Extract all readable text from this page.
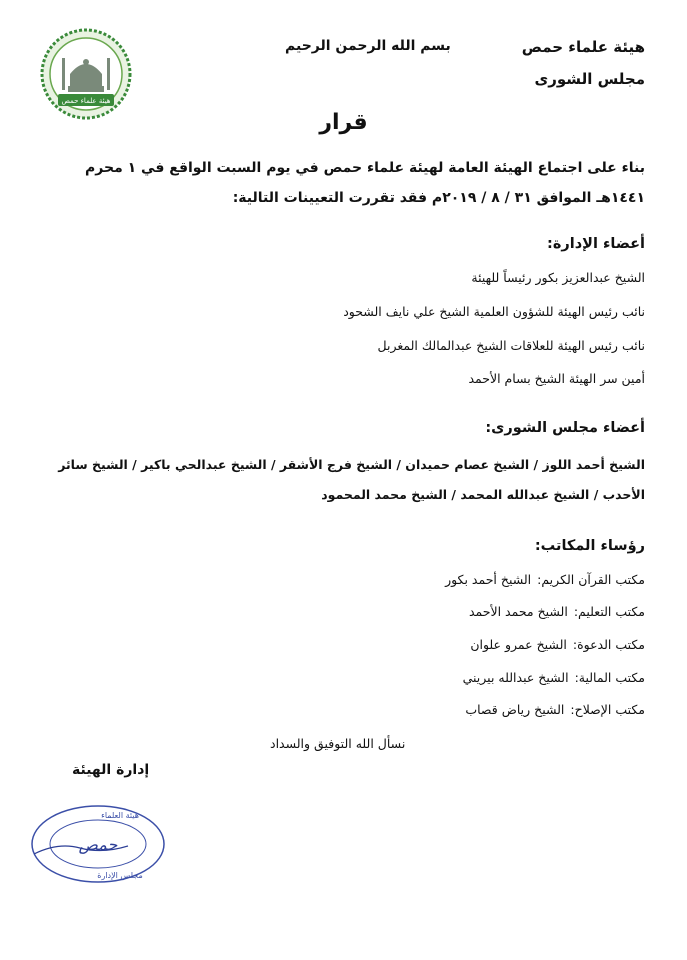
هيئة علماء حمص
بسم الله الرحمن الرحيم	هيئة علماء حمص
مجلس الشورى
قرار
بناء على اجتماع الهيئة العامة لهيئة علماء حمص في يوم السبت الواقع في ١ محرم ١٤٤١هـ الموافق ٣١ / ٨ / ٢٠١٩م فقد تقررت التعيينات التالية:
أعضاء الإدارة:
الشيخ عبدالعزيز بكور رئيساً للهيئة
نائب رئيس الهيئة للشؤون العلمية الشيخ علي نايف الشحود
نائب رئيس الهيئة للعلاقات الشيخ عبدالمالك المغربل
أمين سر الهيئة الشيخ بسام الأحمد
أعضاء مجلس الشورى:
الشيخ أحمد اللوز / الشيخ عصام حميدان / الشيخ فرج الأشقر / الشيخ عبدالحي باكير / الشيخ سائر الأحدب / الشيخ عبدالله المحمد / الشيخ محمد المحمود
رؤساء المكاتب:
مكتب القرآن الكريم:الشيخ أحمد بكور
مكتب التعليم:الشيخ محمد الأحمد
مكتب الدعوة:الشيخ عمرو علوان
مكتب المالية:الشيخ عبدالله بيريني
مكتب الإصلاح:الشيخ رياض قصاب
نسأل الله التوفيق والسداد
إدارة الهيئة
هيئة العلماء
مجلس الإدارة
حمص
